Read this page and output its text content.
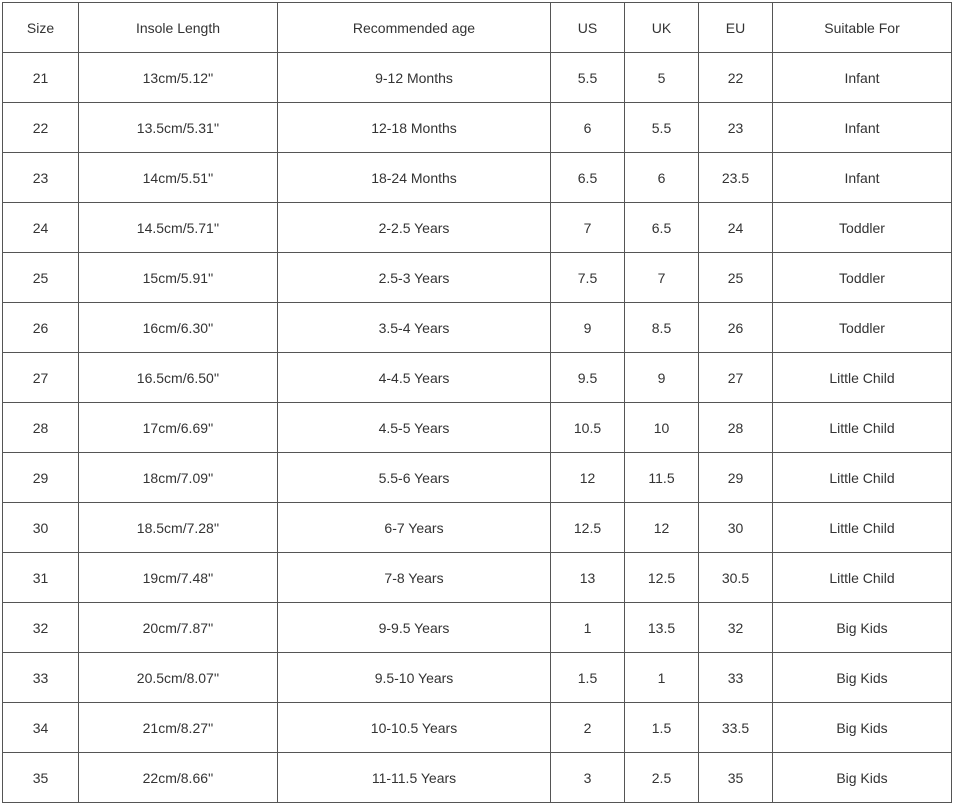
Size	Insole Length	Recommended age	US	UK	EU	Suitable For
21	13cm/5.12''	9-12 Months	5.5	5	22	Infant
22	13.5cm/5.31''	12-18 Months	6	5.5	23	Infant
23	14cm/5.51''	18-24 Months	6.5	6	23.5	Infant
24	14.5cm/5.71''	2-2.5 Years	7	6.5	24	Toddler
25	15cm/5.91''	2.5-3 Years	7.5	7	25	Toddler
26	16cm/6.30''	3.5-4 Years	9	8.5	26	Toddler
27	16.5cm/6.50''	4-4.5 Years	9.5	9	27	Little Child
28	17cm/6.69''	4.5-5 Years	10.5	10	28	Little Child
29	18cm/7.09''	5.5-6 Years	12	11.5	29	Little Child
30	18.5cm/7.28''	6-7 Years	12.5	12	30	Little Child
31	19cm/7.48''	7-8 Years	13	12.5	30.5	Little Child
32	20cm/7.87''	9-9.5 Years	1	13.5	32	Big Kids
33	20.5cm/8.07''	9.5-10 Years	1.5	1	33	Big Kids
34	21cm/8.27''	10-10.5 Years	2	1.5	33.5	Big Kids
35	22cm/8.66''	11-11.5 Years	3	2.5	35	Big Kids
